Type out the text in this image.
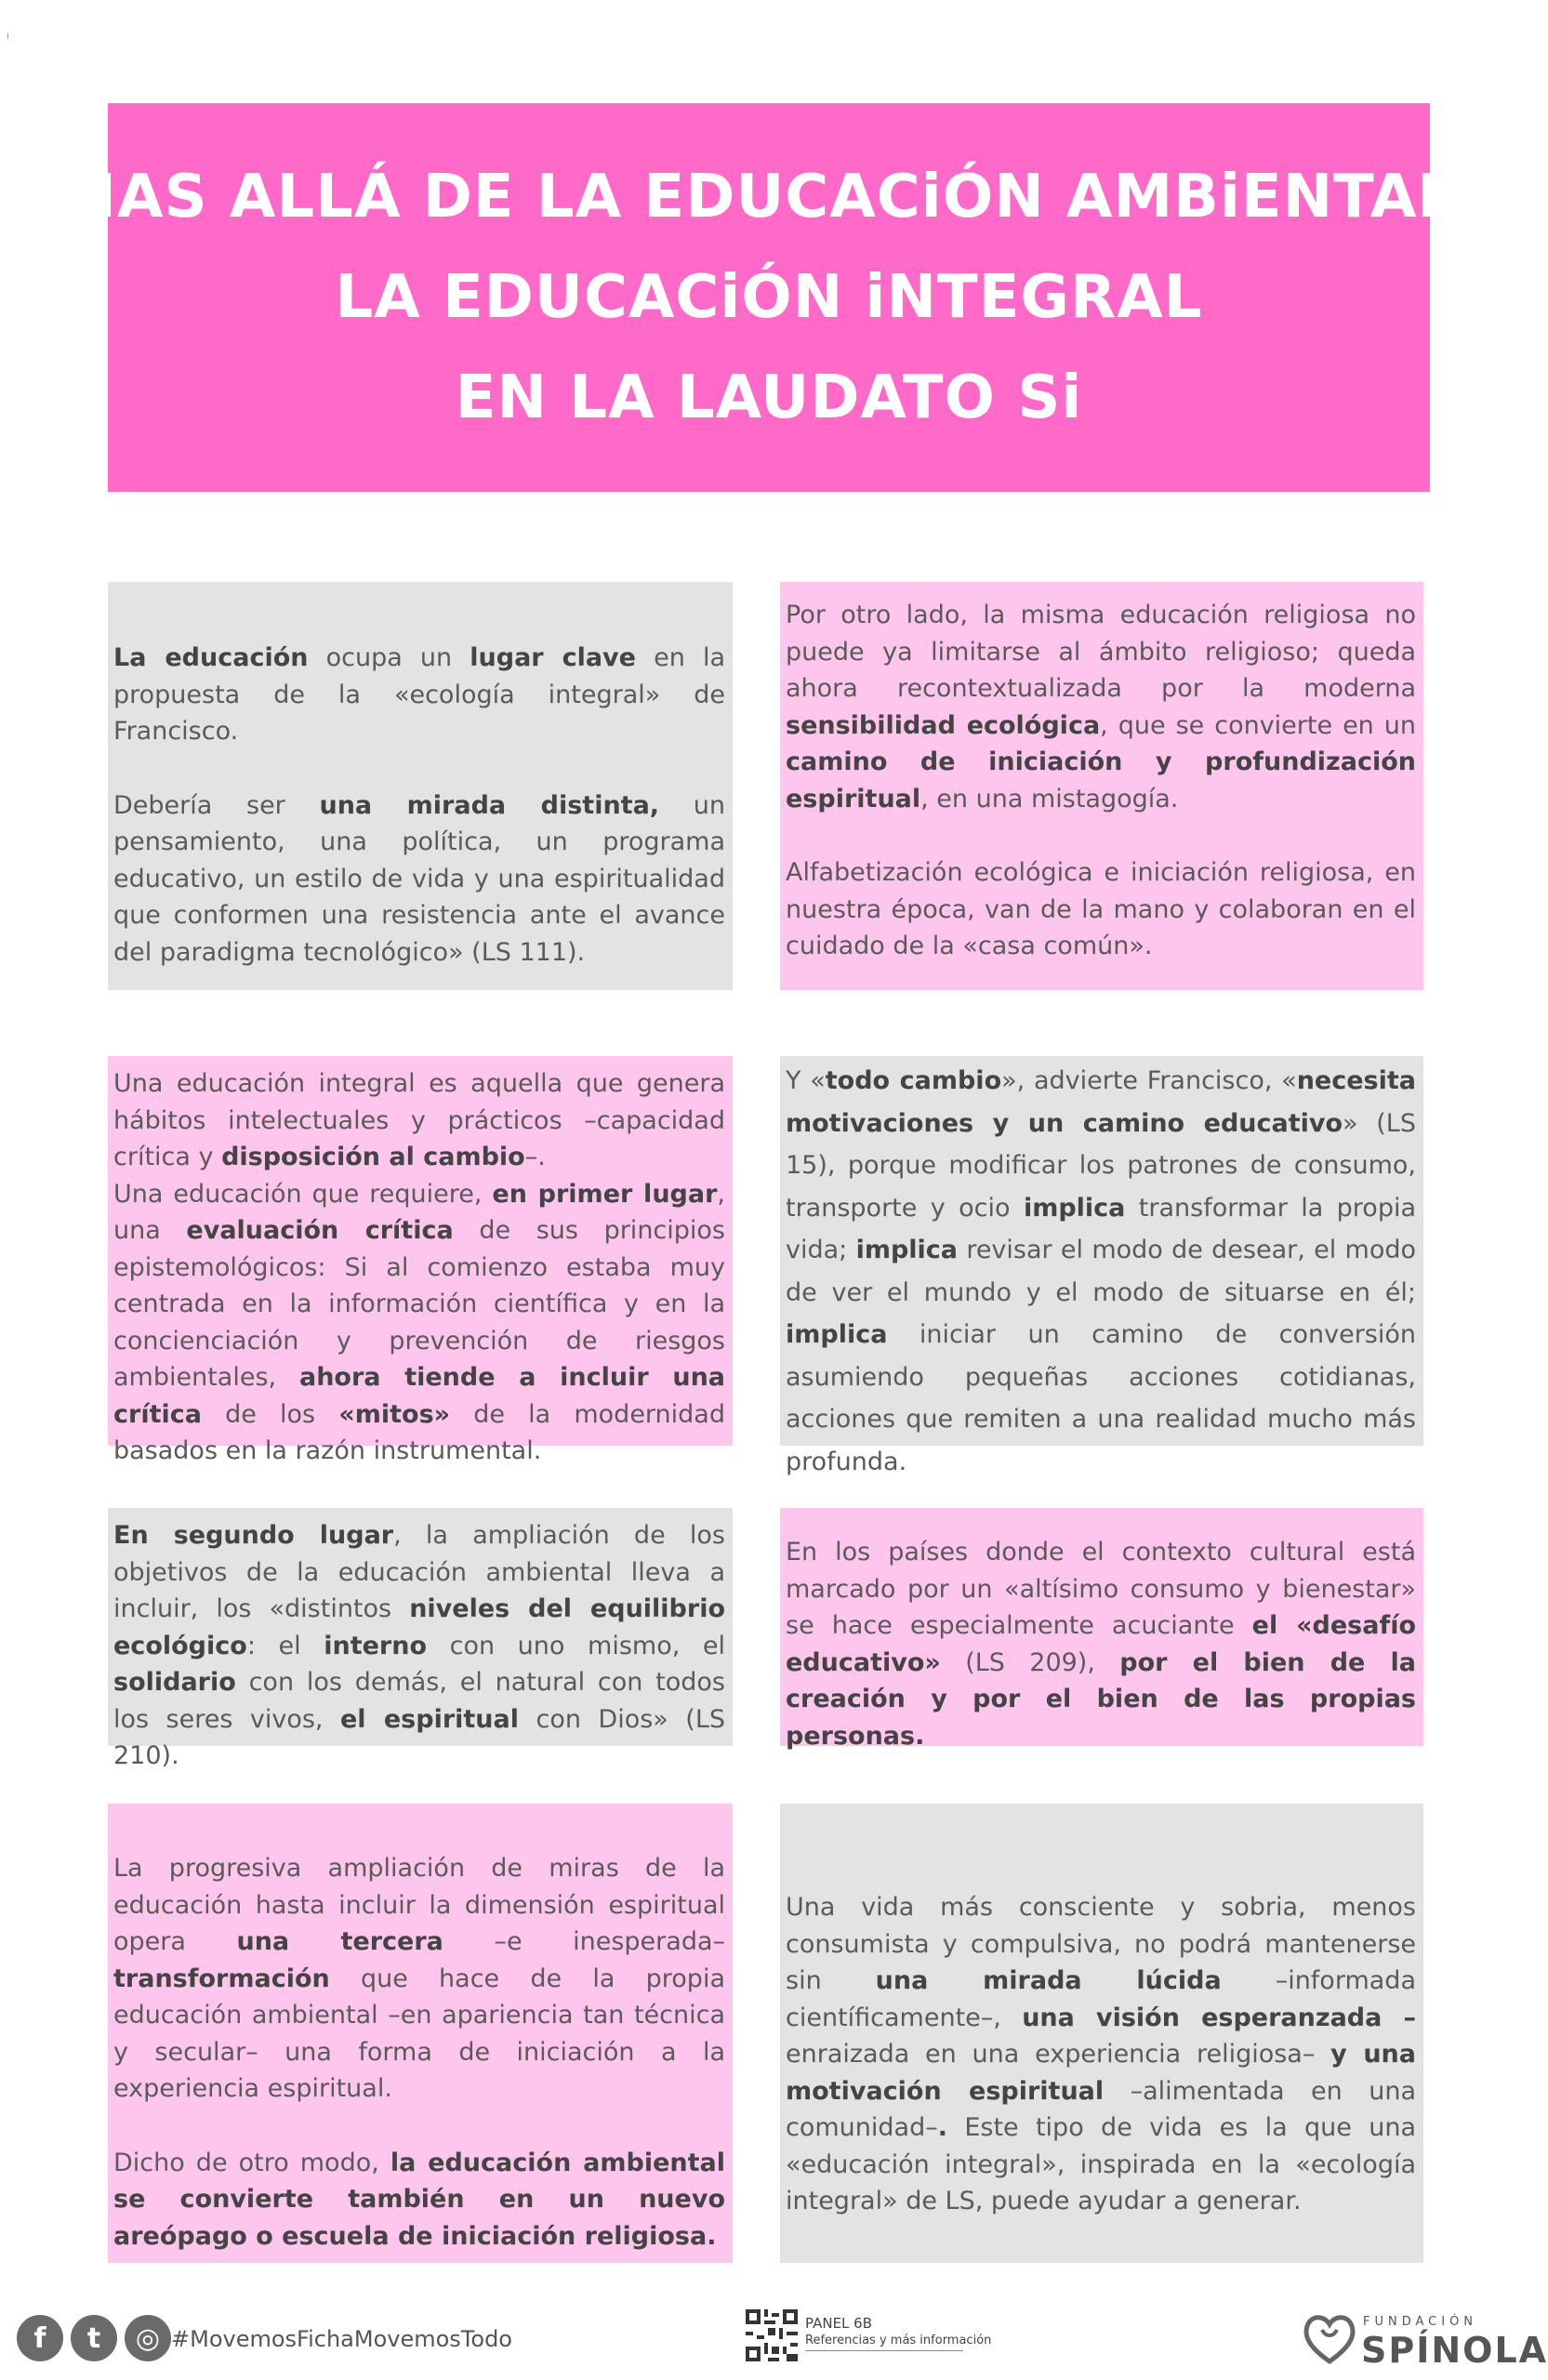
MAS ALLÁ DE LA EDUCACiÓN AMBiENTAL:
LA EDUCACiÓN iNTEGRAL
EN LA LAUDATO Si

La educación ocupa un lugar clave en la propuesta de la «ecología integral» de Francisco.

Debería ser una mirada distinta, un pensamiento, una política, un programa educativo, un estilo de vida y una espiritualidad que conformen una resistencia ante el avance del paradigma tecnológico» (LS 111).

Por otro lado, la misma educación religiosa no puede ya limitarse al ámbito religioso; queda ahora recontextualizada por la moderna sensibilidad ecológica, que se convierte en un camino de iniciación y profundización espiritual, en una mistagogía.

Alfabetización ecológica e iniciación religiosa, en nuestra época, van de la mano y colaboran en el cuidado de la «casa común».

Una educación integral es aquella que genera hábitos intelectuales y prácticos –capacidad crítica y disposición al cambio–.

Una educación que requiere, en primer lugar, una evaluación crítica de sus principios epistemológicos: Si al comienzo estaba muy centrada en la información científica y en la concienciación y prevención de riesgos ambientales, ahora tiende a incluir una crítica de los «mitos» de la modernidad basados en la razón instrumental.

Y «todo cambio», advierte Francisco, «necesita motivaciones y un camino educativo» (LS 15), porque modificar los patrones de consumo, transporte y ocio implica transformar la propia vida; implica revisar el modo de desear, el modo de ver el mundo y el modo de situarse en él; implica iniciar un camino de conversión asumiendo pequeñas acciones cotidianas, acciones que remiten a una realidad mucho más profunda.

En segundo lugar, la ampliación de los objetivos de la educación ambiental lleva a incluir, los «distintos niveles del equilibrio ecológico: el interno con uno mismo, el solidario con los demás, el natural con todos los seres vivos, el espiritual con Dios» (LS 210).

En los países donde el contexto cultural está marcado por un «altísimo consumo y bienestar» se hace especialmente acuciante el «desafío educativo» (LS 209), por el bien de la creación y por el bien de las propias personas.

La progresiva ampliación de miras de la educación hasta incluir la dimensión espiritual opera una tercera –e inesperada– transformación que hace de la propia educación ambiental –en apariencia tan técnica y secular– una forma de iniciación a la experiencia espiritual.

Dicho de otro modo, la educación ambiental se convierte también en un nuevo areópago o escuela de iniciación religiosa.

Una vida más consciente y sobria, menos consumista y compulsiva, no podrá mantenerse sin una mirada lúcida –informada científicamente–, una visión esperanzada –enraizada en una experiencia religiosa– y una motivación espiritual –alimentada en una comunidad–. Este tipo de vida es la que una «educación integral», inspirada en la «ecología integral» de LS, puede ayudar a generar.

f	t	◎ #MovemosFichaMovemosTodo
PANEL 6B
Referencias y más información
FUNDACIÓN
SPÍNOLA
